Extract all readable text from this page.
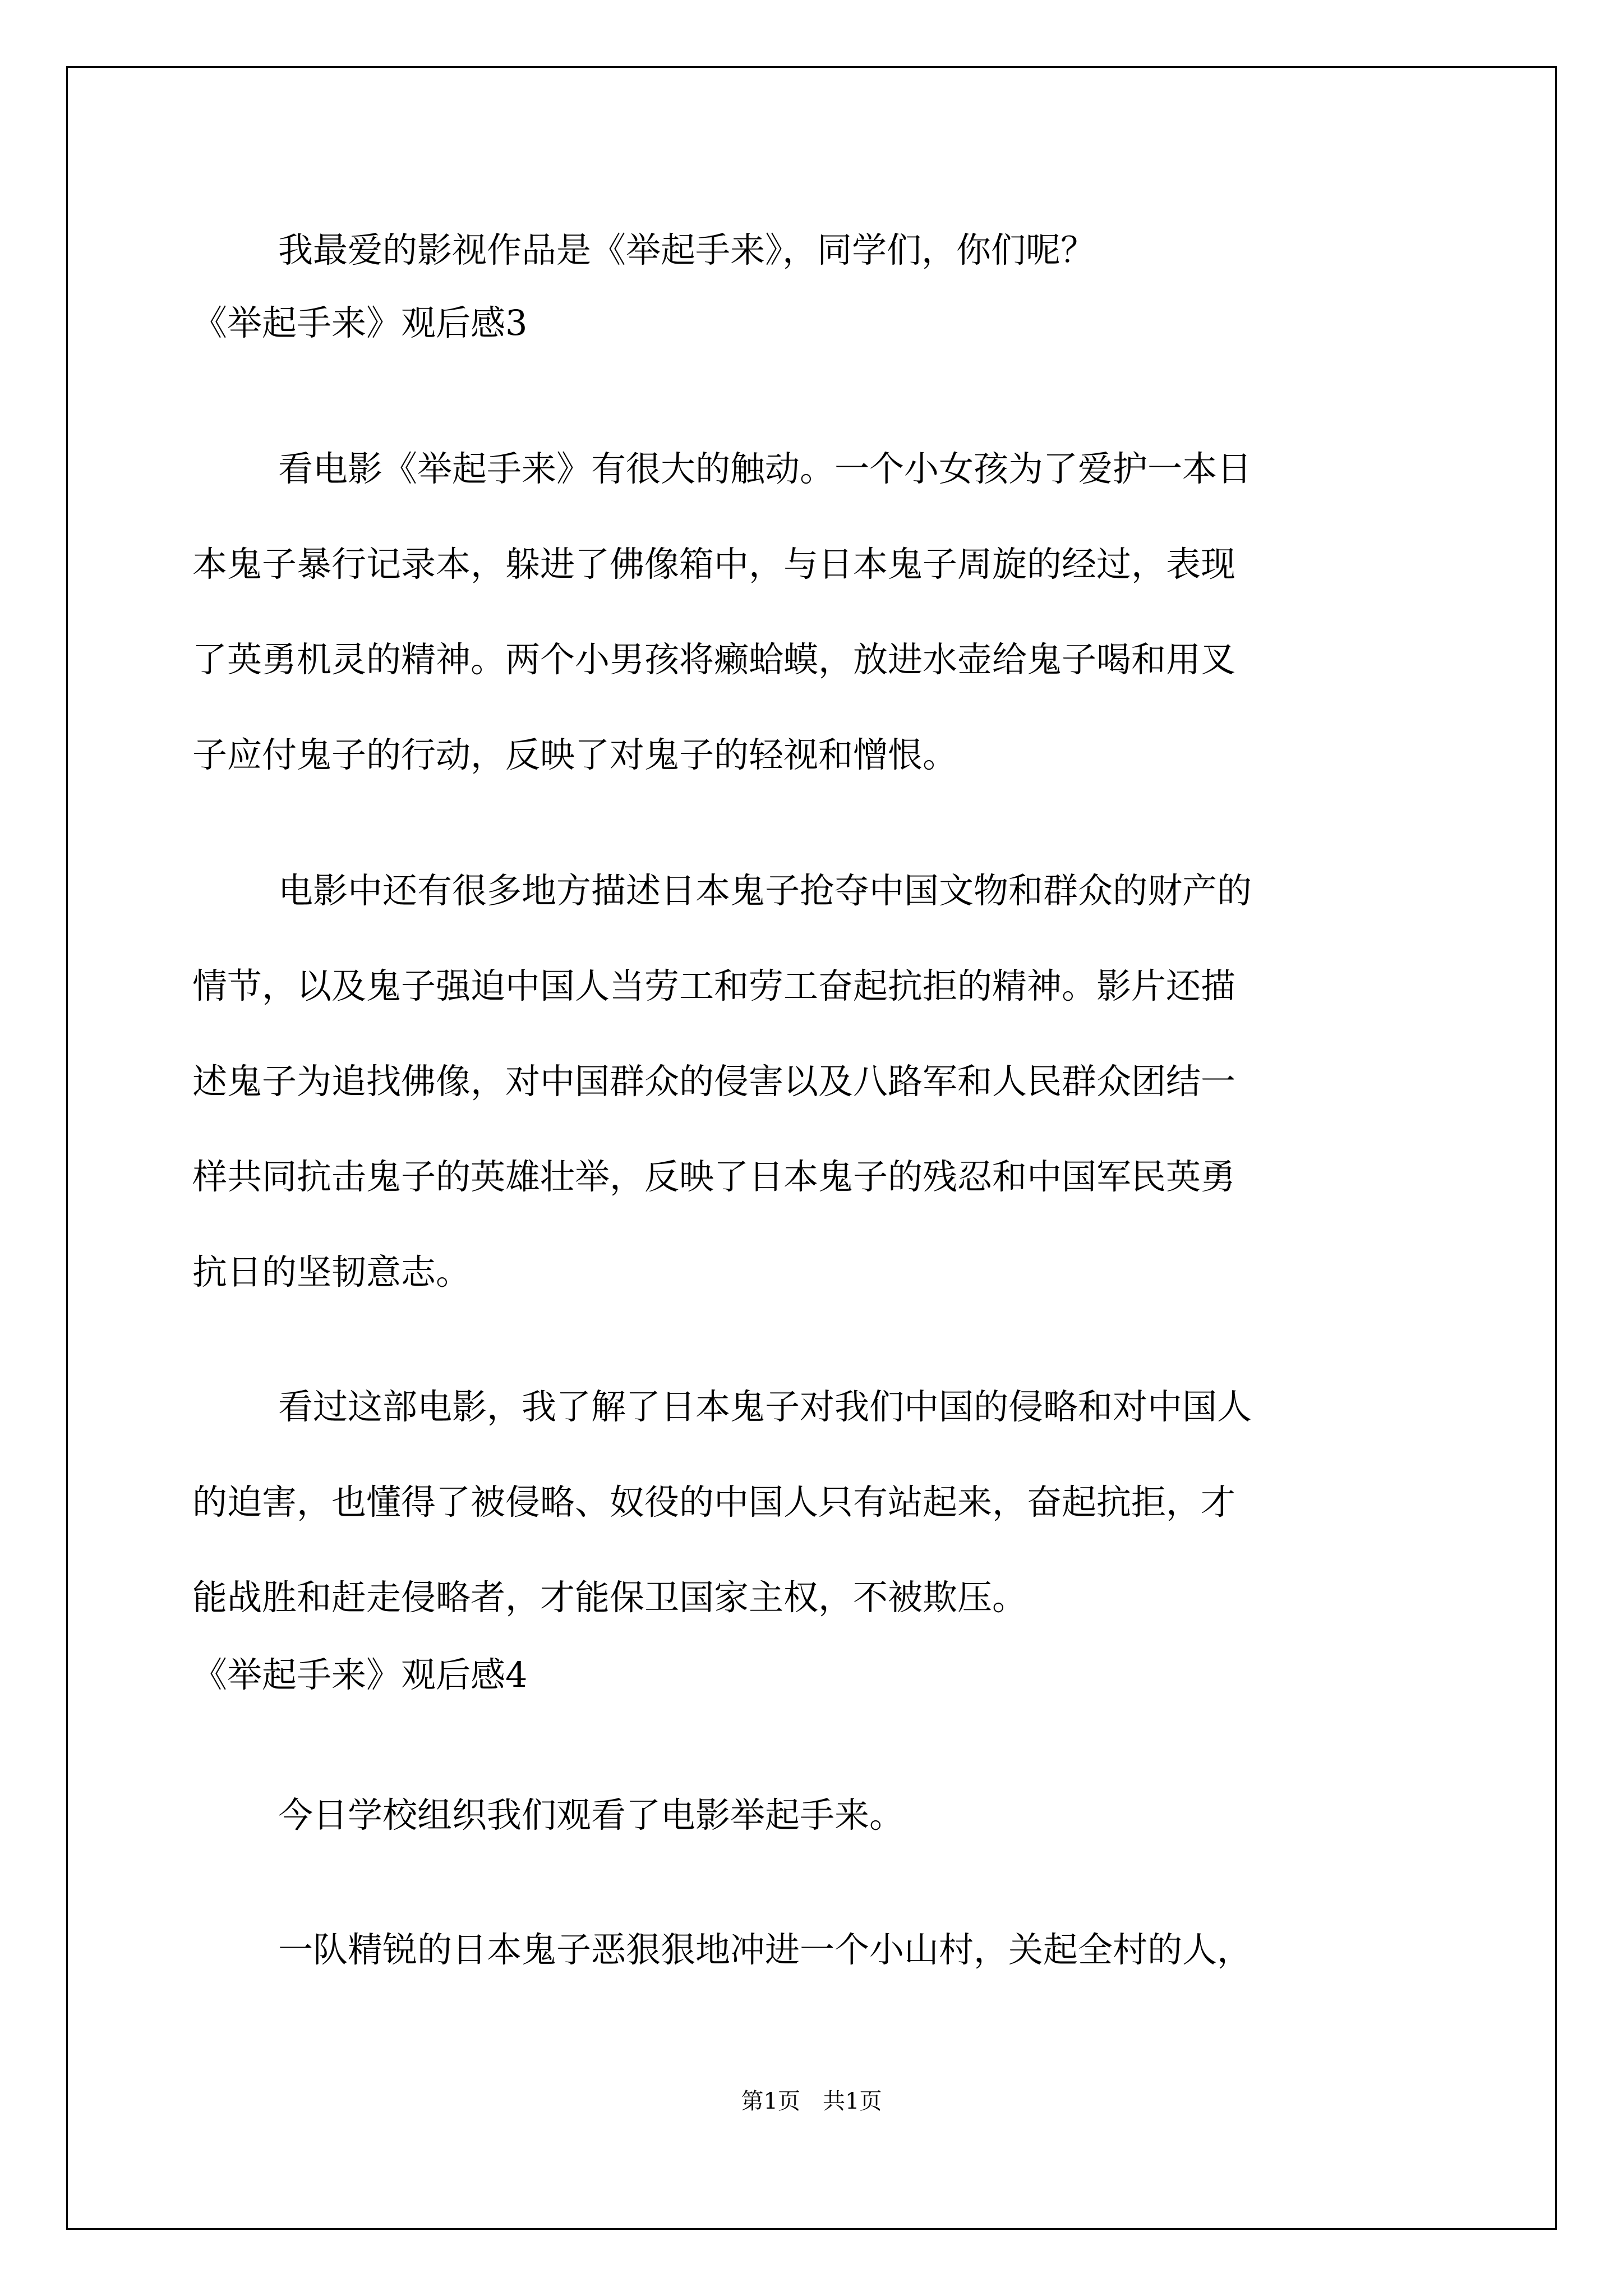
我最爱的影视作品是《举起手来》，同学们，你们呢？
《举起手来》观后感3
看电影《举起手来》有很大的触动。一个小女孩为了爱护一本日
本鬼子暴行记录本，躲进了佛像箱中，与日本鬼子周旋的经过，表现
了英勇机灵的精神。两个小男孩将癞蛤蟆，放进水壶给鬼子喝和用叉
子应付鬼子的行动，反映了对鬼子的轻视和憎恨。
电影中还有很多地方描述日本鬼子抢夺中国文物和群众的财产的
情节，以及鬼子强迫中国人当劳工和劳工奋起抗拒的精神。影片还描
述鬼子为追找佛像，对中国群众的侵害以及八路军和人民群众团结一
样共同抗击鬼子的英雄壮举，反映了日本鬼子的残忍和中国军民英勇
抗日的坚韧意志。
看过这部电影，我了解了日本鬼子对我们中国的侵略和对中国人
的迫害，也懂得了被侵略、奴役的中国人只有站起来，奋起抗拒，才
能战胜和赶走侵略者，才能保卫国家主权，不被欺压。
《举起手来》观后感4
今日学校组织我们观看了电影举起手来。
一队精锐的日本鬼子恶狠狠地冲进一个小山村，关起全村的人，
第1页　共1页
